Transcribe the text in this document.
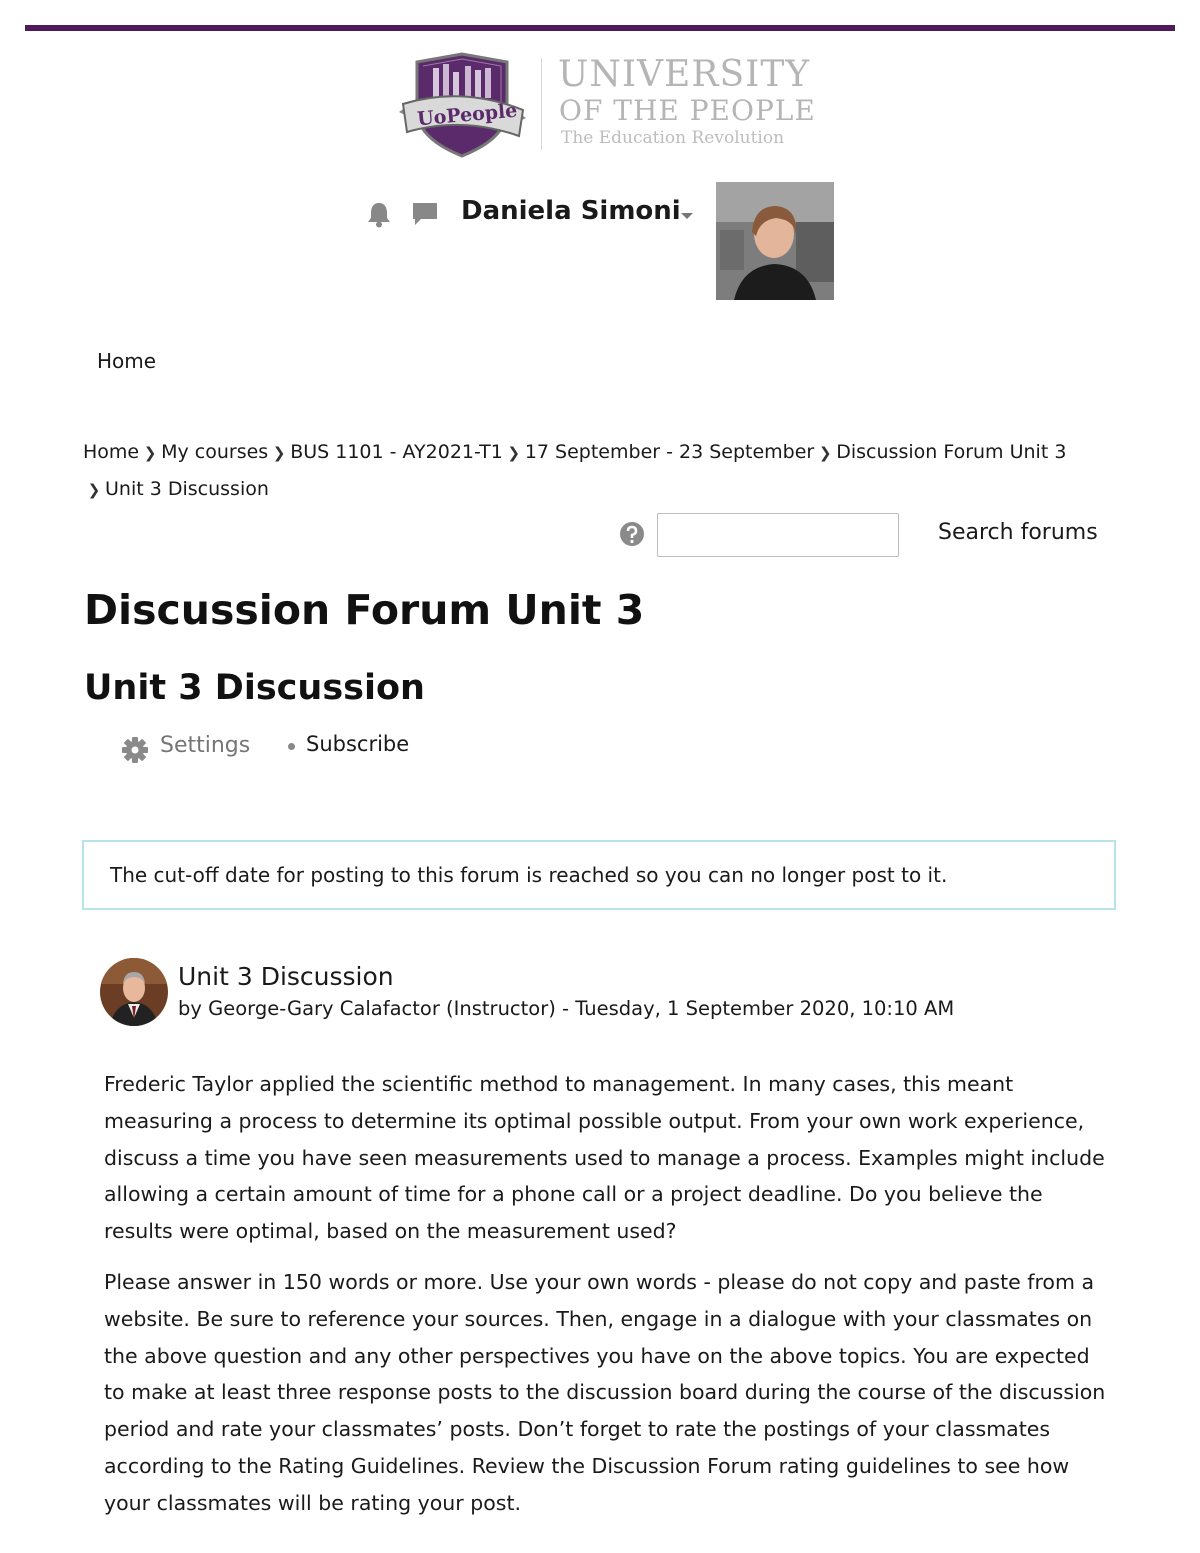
UoPeople
UNIVERSITY
OF THE PEOPLE
The Education Revolution
Daniela Simoni
Home
Home ❯ My courses ❯ BUS 1101 - AY2021-T1 ❯ 17 September - 23 September ❯ Discussion Forum Unit 3
❯ Unit 3 Discussion
Search forums
Discussion Forum Unit 3
Unit 3 Discussion
Settings	Subscribe
The cut-off date for posting to this forum is reached so you can no longer post to it.
Unit 3 Discussion
by George-Gary Calafactor (Instructor) - Tuesday, 1 September 2020, 10:10 AM

Frederic Taylor applied the scientific method to management. In many cases, this meant measuring a process to determine its optimal possible output. From your own work experience, discuss a time you have seen measurements used to manage a process. Examples might include allowing a certain amount of time for a phone call or a project deadline. Do you believe the results were optimal, based on the measurement used?

Please answer in 150 words or more. Use your own words - please do not copy and paste from a website. Be sure to reference your sources. Then, engage in a dialogue with your classmates on the above question and any other perspectives you have on the above topics. You are expected to make at least three response posts to the discussion board during the course of the discussion period and rate your classmates’ posts. Don’t forget to rate the postings of your classmates according to the Rating Guidelines. Review the Discussion Forum rating guidelines to see how your classmates will be rating your post.
